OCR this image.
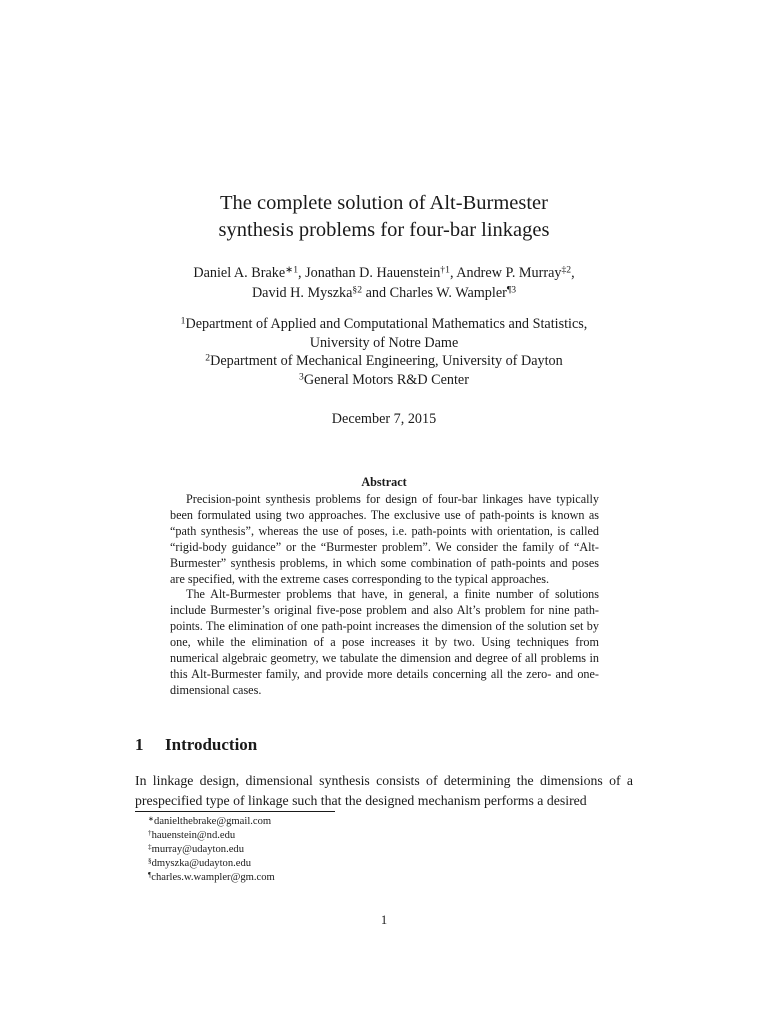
The complete solution of Alt-Burmester
synthesis problems for four-bar linkages
Daniel A. Brake$^{∗1}$, Jonathan D. Hauenstein$^{\dagger 1}$, Andrew P. Murray$^{\ddagger 2}$,
David H. Myszka$^{\S 2}$ and Charles W. Wampler$^{\P 3}$
$^1$Department of Applied and Computational Mathematics and Statistics,
University of Notre Dame
$^2$Department of Mechanical Engineering, University of Dayton
$^3$General Motors R&D Center
December 7, 2015
Abstract

Precision-point synthesis problems for design of four-bar linkages have typically been formulated using two approaches. The exclusive use of path-points is known as “path synthesis”, whereas the use of poses, i.e. path-points with orientation, is called “rigid-body guidance” or the “Burmester problem”. We consider the family of “Alt-Burmester” synthesis problems, in which some combination of path-points and poses are specified, with the extreme cases corresponding to the typical approaches.

The Alt-Burmester problems that have, in general, a finite number of solutions include Burmester’s original five-pose problem and also Alt’s problem for nine path-points. The elimination of one path-point increases the dimension of the solution set by one, while the elimination of a pose increases it by two. Using techniques from numerical algebraic geometry, we tabulate the dimension and degree of all problems in this Alt-Burmester family, and provide more details concerning all the zero- and one-dimensional cases.

1 Introduction

In linkage design, dimensional synthesis consists of determining the dimensions of a prespecified type of linkage such that the designed mechanism performs a desired

∗danielthebrake@gmail.com
†hauenstein@nd.edu
‡murray@udayton.edu
§dmyszka@udayton.edu
¶charles.w.wampler@gm.com
1
